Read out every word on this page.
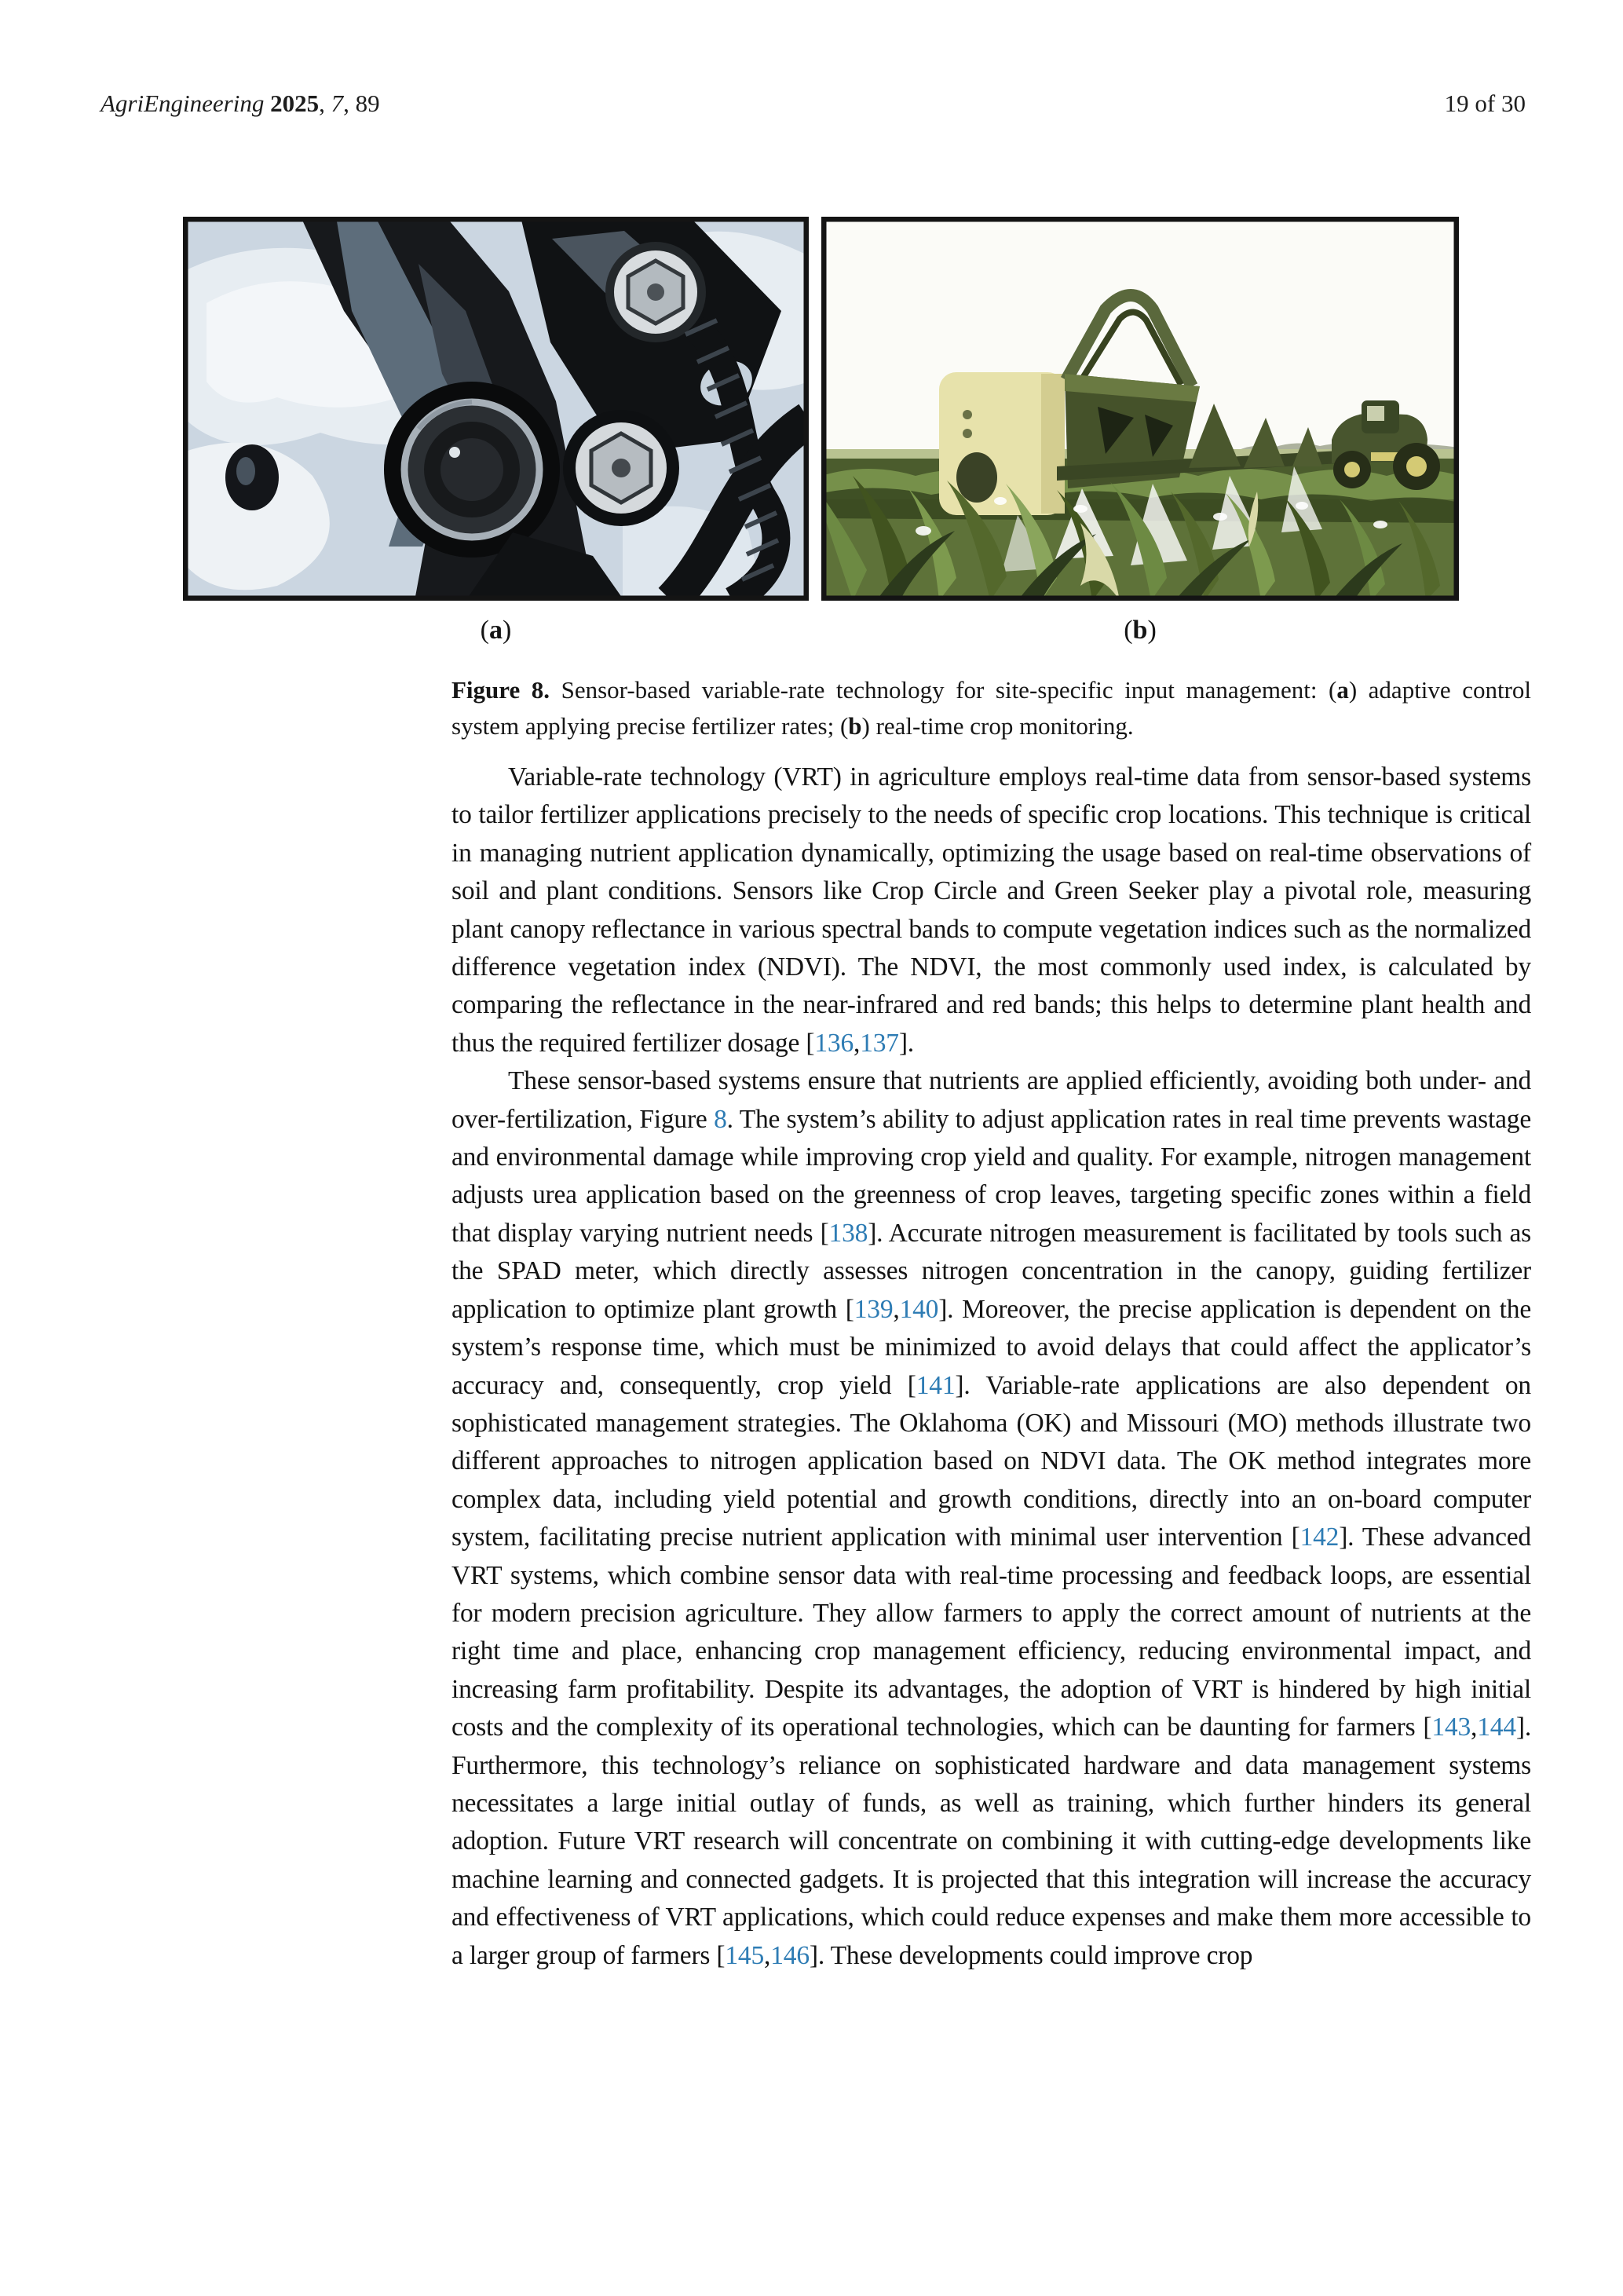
AgriEngineering 2025, 7, 89	19 of 30
(a)	(b)
Figure 8. Sensor-based variable-rate technology for site-specific input management: (a) adaptive control system applying precise fertilizer rates; (b) real-time crop monitoring.

Variable-rate technology (VRT) in agriculture employs real-time data from sensor-based systems to tailor fertilizer applications precisely to the needs of specific crop locations. This technique is critical in managing nutrient application dynamically, optimizing the usage based on real-time observations of soil and plant conditions. Sensors like Crop Circle and Green Seeker play a pivotal role, measuring plant canopy reflectance in various spectral bands to compute vegetation indices such as the normalized difference vegetation index (NDVI). The NDVI, the most commonly used index, is calculated by comparing the reflectance in the near-infrared and red bands; this helps to determine plant health and thus the required fertilizer dosage [136,137].

These sensor-based systems ensure that nutrients are applied efficiently, avoiding both under- and over-fertilization, Figure 8. The system’s ability to adjust application rates in real time prevents wastage and environmental damage while improving crop yield and quality. For example, nitrogen management adjusts urea application based on the greenness of crop leaves, targeting specific zones within a field that display varying nutrient needs [138]. Accurate nitrogen measurement is facilitated by tools such as the SPAD meter, which directly assesses nitrogen concentration in the canopy, guiding fertilizer application to optimize plant growth [139,140]. Moreover, the precise application is dependent on the system’s response time, which must be minimized to avoid delays that could affect the applicator’s accuracy and, consequently, crop yield [141]. Variable-rate applications are also dependent on sophisticated management strategies. The Oklahoma (OK) and Missouri (MO) methods illustrate two different approaches to nitrogen application based on NDVI data. The OK method integrates more complex data, including yield potential and growth conditions, directly into an on-board computer system, facilitating precise nutrient application with minimal user intervention [142]. These advanced VRT systems, which combine sensor data with real-time processing and feedback loops, are essential for modern precision agriculture. They allow farmers to apply the correct amount of nutrients at the right time and place, enhancing crop management efficiency, reducing environmental impact, and increasing farm profitability. Despite its advantages, the adoption of VRT is hindered by high initial costs and the complexity of its operational technologies, which can be daunting for farmers [143,144]. Furthermore, this technology’s reliance on sophisticated hardware and data management systems necessitates a large initial outlay of funds, as well as training, which further hinders its general adoption. Future VRT research will concentrate on combining it with cutting-edge developments like machine learning and connected gadgets. It is projected that this integration will increase the accuracy and effectiveness of VRT applications, which could reduce expenses and make them more accessible to a larger group of farmers [145,146]. These developments could improve crop
